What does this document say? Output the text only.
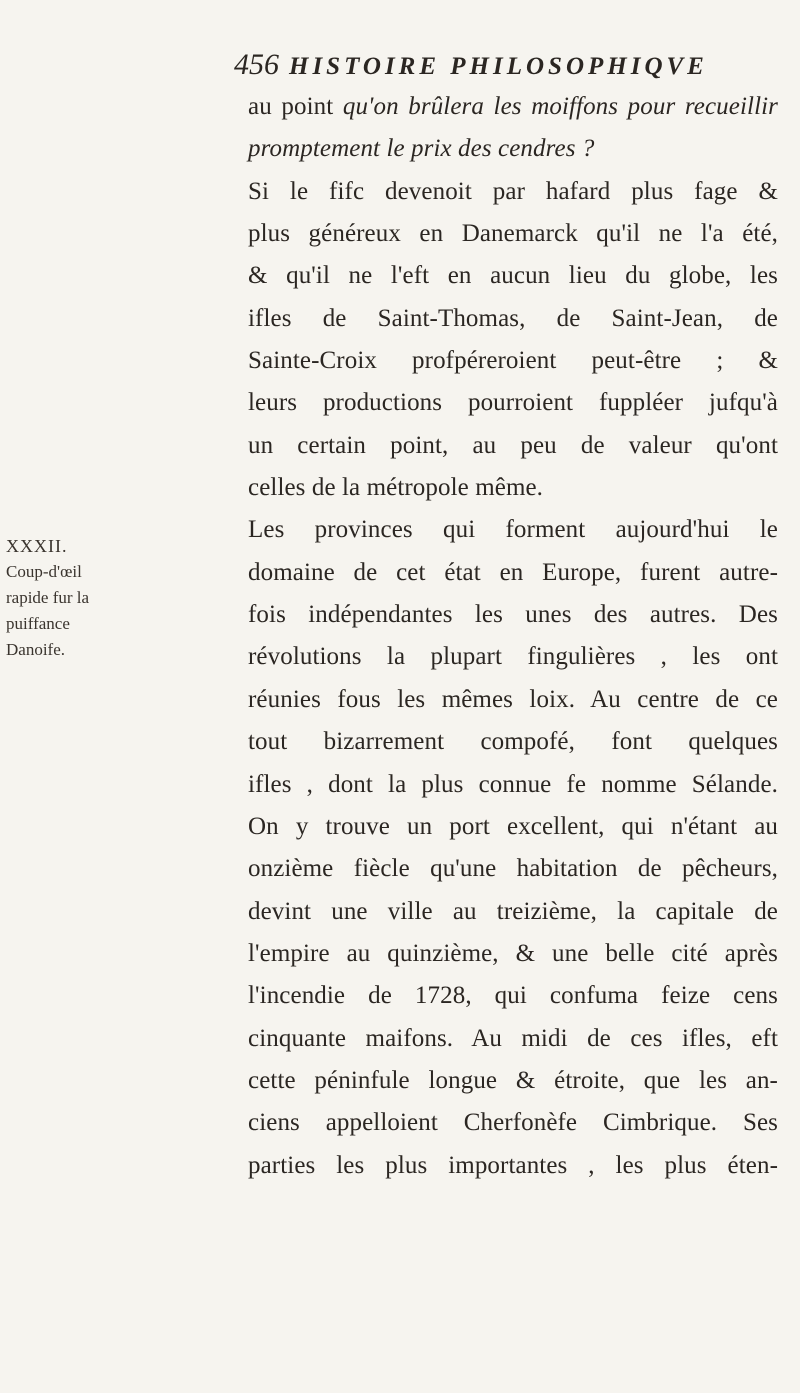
456 HISTOIRE PHILOSOPHIQVE
XXXII.
Coup-d'œil
rapide fur la
puiffance
Danoife.
au point qu'on brûlera les moiffons pour recueillir
promptement le prix des cendres ?
Si le fifc devenoit par hafard plus fage &
plus généreux en Danemarck qu'il ne l'a été,
& qu'il ne l'eft en aucun lieu du globe, les
ifles de Saint-Thomas, de Saint-Jean, de
Sainte-Croix profpéreroient peut-être ; &
leurs productions pourroient fuppléer jufqu'à
un certain point, au peu de valeur qu'ont
celles de la métropole même.
Les provinces qui forment aujourd'hui le
domaine de cet état en Europe, furent autre-
fois indépendantes les unes des autres. Des
révolutions la plupart fingulières , les ont
réunies fous les mêmes loix. Au centre de ce
tout bizarrement compofé, font quelques
ifles , dont la plus connue fe nomme Sélande.
On y trouve un port excellent, qui n'étant au
onzième fiècle qu'une habitation de pêcheurs,
devint une ville au treizième, la capitale de
l'empire au quinzième, & une belle cité après
l'incendie de 1728, qui confuma feize cens
cinquante maifons. Au midi de ces ifles, eft
cette péninfule longue & étroite, que les an-
ciens appelloient Cherfonèfe Cimbrique. Ses
parties les plus importantes , les plus éten-
